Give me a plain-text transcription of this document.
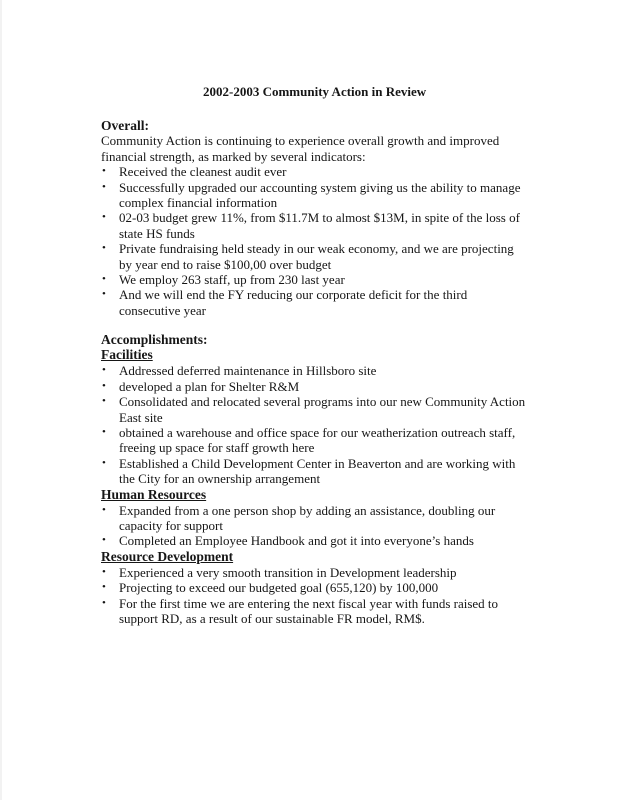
2002-2003 Community Action in Review
Overall:

Community Action is continuing to experience overall growth and improved financial strength, as marked by several indicators:

• Received the cleanest audit ever
• Successfully upgraded our accounting system giving us the ability to manage complex financial information
• 02-03 budget grew 11%, from $11.7M to almost $13M, in spite of the loss of state HS funds
• Private fundraising held steady in our weak economy, and we are projecting by year end to raise $100,00 over budget
• We employ 263 staff, up from 230 last year
• And we will end the FY reducing our corporate deficit for the third consecutive year
Accomplishments:
Facilities
• Addressed deferred maintenance in Hillsboro site
• developed a plan for Shelter R&M
• Consolidated and relocated several programs into our new Community Action East site
• obtained a warehouse and office space for our weatherization outreach staff, freeing up space for staff growth here
• Established a Child Development Center in Beaverton and are working with the City for an ownership arrangement
Human Resources
• Expanded from a one person shop by adding an assistance, doubling our capacity for support
• Completed an Employee Handbook and got it into everyone’s hands
Resource Development
• Experienced a very smooth transition in Development leadership
• Projecting to exceed our budgeted goal (655,120) by 100,000
• For the first time we are entering the next fiscal year with funds raised to support RD, as a result of our sustainable FR model, RM$.
